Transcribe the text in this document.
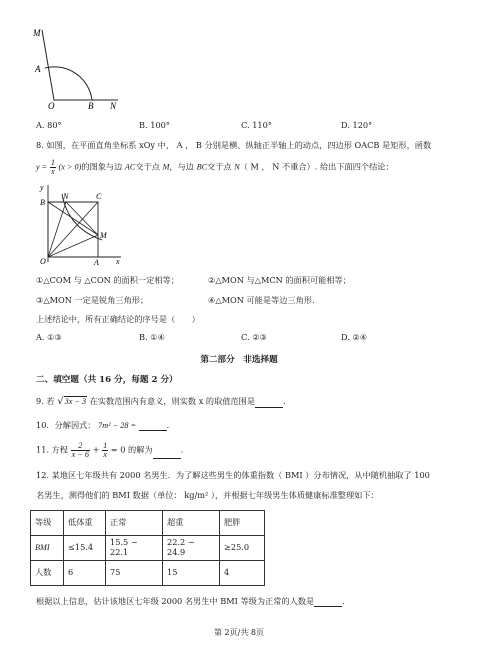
M
A
O	B N
A. 80°	B. 100°	C. 110°	D. 120°
8. 如图，在平面直角坐标系 xOy 中， A ， B 分别是横、纵轴正半轴上的动点，四边形 OACB 是矩形，函数
$y = \frac{1}{x} (x > 0)$的图象与边 AC交于点 M，与边 BC交于点 N（ M ， N 不重合）. 给出下面四个结论：
y
B
N	C
M
O	A x
①△COM 与 △CON 的面积一定相等；	②△MON 与△MCN 的面积可能相等；
③△MON 一定是锐角三角形；	④△MON 可能是等边三角形.
上述结论中，所有正确结论的序号是（　　）
A. ①③	B. ①④	C. ②③	D. ②④
第二部分　非选择题
二、填空题（共 16 分，每题 2 分）
9. 若 √3x − 3 在实数范围内有意义，则实数 x 的取值范围是	.
10．分解因式： 7m² − 28 =	.
11. 方程 $\frac{2}{x - 6} + \frac{1}{x} = 0$ 的解为	.
12. 某地区七年级共有 2000 名男生．为了解这些男生的体重指数（ BMI ）分布情况，从中随机抽取了 100
名男生，测得他们的 BMI 数据（单位： kg/m² ），并根据七年级男生体质健康标准整理如下：
等级	低体重	正常	超重	肥胖
BMI	≤15.4	15.5 ~ 22.1	22.2 ~ 24.9	≥25.0
人数	6	75	15	4
根据以上信息，估计该地区七年级 2000 名男生中 BMI 等级为正常的人数是	.
第 2页/共 8页
